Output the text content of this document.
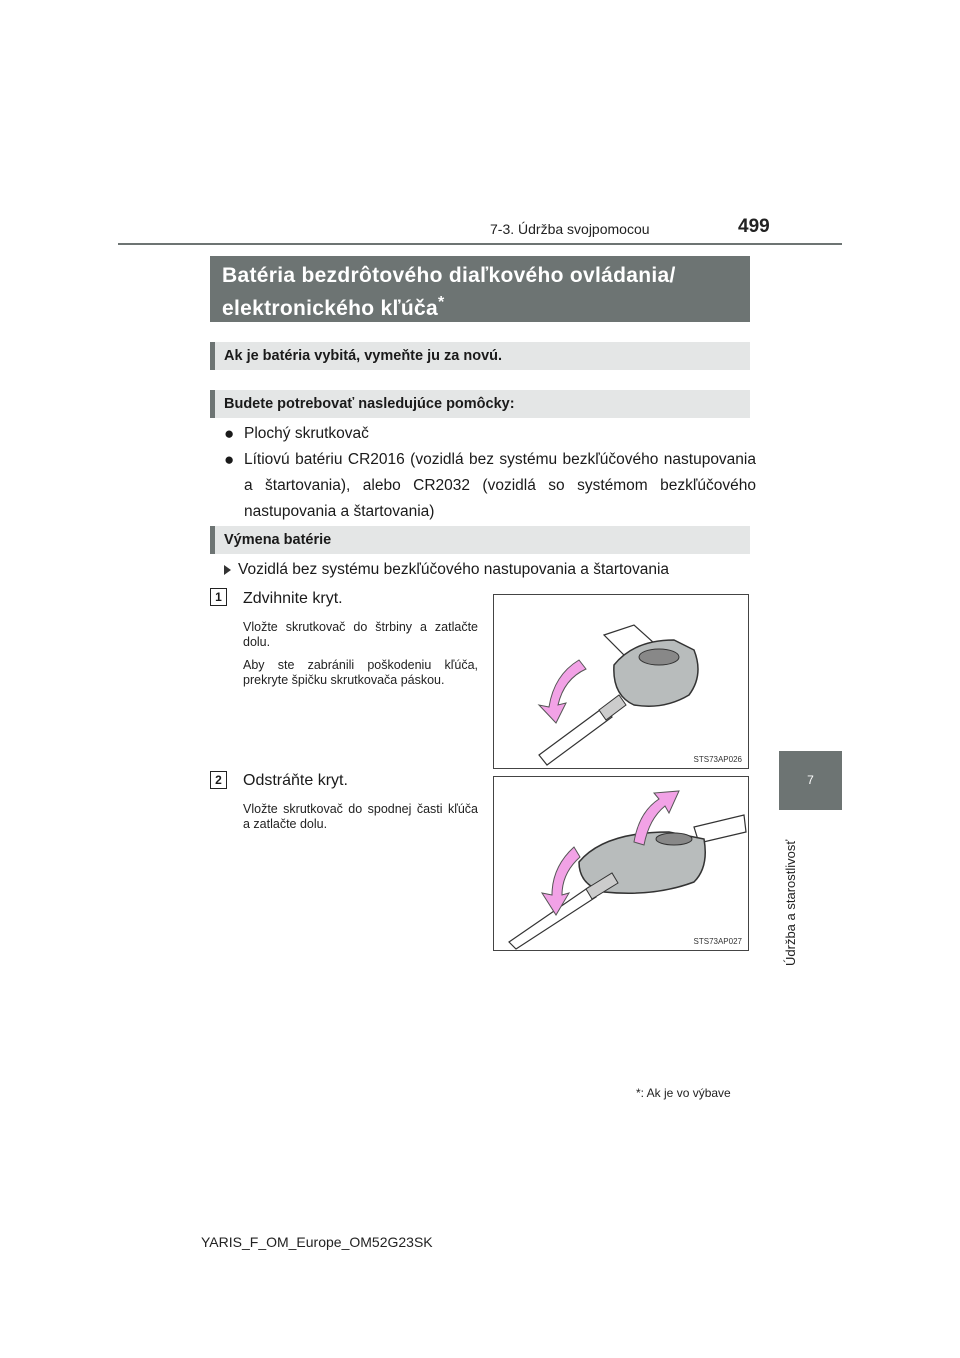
7-3. Údržba svojpomocou	499
7
Údržba a starostlivosť
Batéria bezdrôtového diaľkového ovládania/
elektronického kľúča*
Ak je batéria vybitá, vymeňte ju za novú.
Budete potrebovať nasledujúce pomôcky:
● Plochý skrutkovač
● Lítiovú batériu CR2016 (vozidlá bez systému bezkľúčového nastupovania a štartovania), alebo CR2032 (vozidlá so systémom bezkľúčového nastupovania a štartovania)
Výmena batérie
Vozidlá bez systému bezkľúčového nastupovania a štartovania
1	Zdvihnite kryt.
Vložte skrutkovač do štrbiny a zatlačte dolu.
Aby ste zabránili poškodeniu kľúča, prekryte špičku skrutkovača páskou.
STS73AP026
2	Odstráňte kryt.
Vložte skrutkovač do spodnej časti kľúča a zatlačte dolu.
STS73AP027
*: Ak je vo výbave
YARIS_F_OM_Europe_OM52G23SK
